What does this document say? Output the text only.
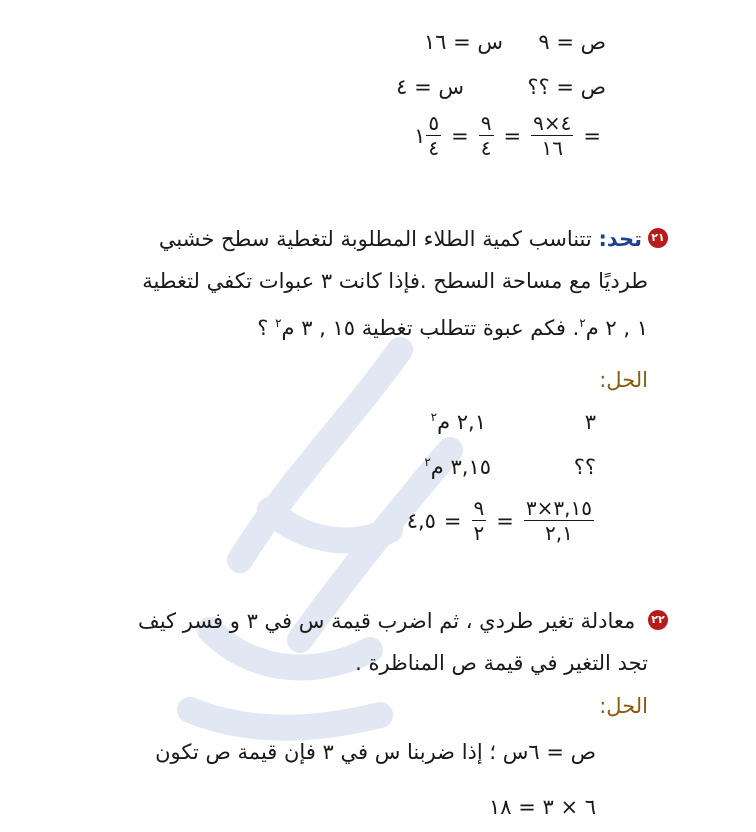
س = ١٦ ص = ٩
س = ٤	ص = ؟؟
١ $\frac{٥}{٤} = \frac{٩}{٤} = \frac{٤\times ٩}{١٦}$ =
٢١تحد: تتناسب كمية الطلاء المطلوبة لتغطية سطح خشبي
طرديًا مع مساحة السطح .فإذا كانت ٣ عبوات تكفي لتغطية
١ , ٢ م$^٢$. فكم عبوة تتطلب تغطية ١٥ , ٣ م$^٢$ ؟
الحل:
٣
٢,١ م$^٢$
؟؟
٣,١٥ م$^٢$
٤,٥ = $\frac{٩}{٢} = \frac{٣,١٥\times ٣}{٢,١}$
٢٢ معادلة تغير طردي ، ثم اضرب قيمة س في ٣ و فسر كيف
تجد التغير في قيمة ص المناظرة .
الحل:
ص = ٦س ؛ إذا ضربنا س في ٣ فإن قيمة ص تكون
٦ × ٣ = ١٨
